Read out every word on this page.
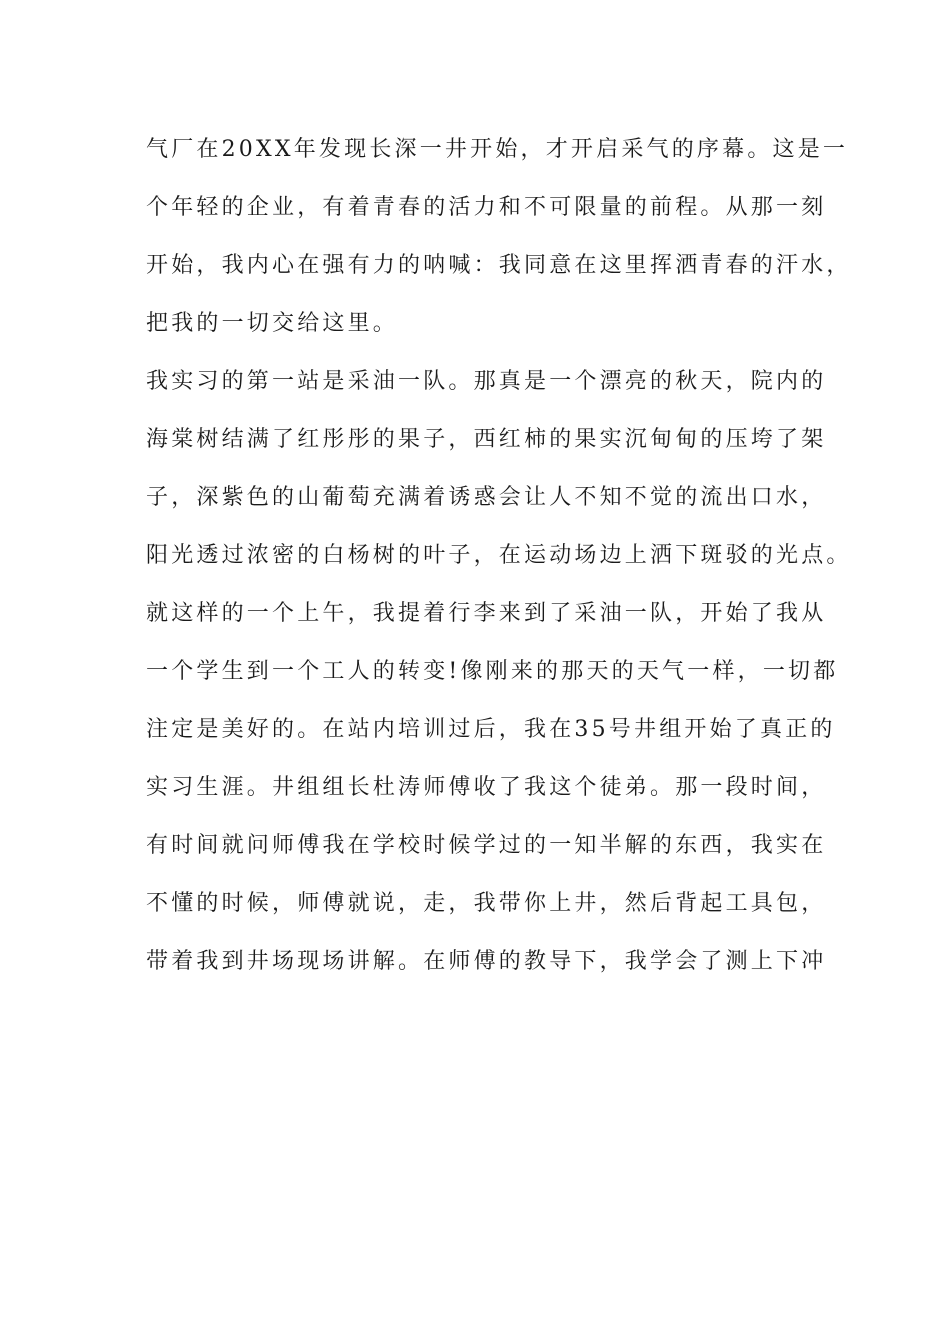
气厂在20XX年发现长深一井开始，才开启采气的序幕。这是一
个年轻的企业，有着青春的活力和不可限量的前程。从那一刻
开始，我内心在强有力的呐喊：我同意在这里挥洒青春的汗水，
把我的一切交给这里。
我实习的第一站是采油一队。那真是一个漂亮的秋天，院内的
海棠树结满了红彤彤的果子，西红柿的果实沉甸甸的压垮了架
子，深紫色的山葡萄充满着诱惑会让人不知不觉的流出口水，
阳光透过浓密的白杨树的叶子，在运动场边上洒下斑驳的光点。
就这样的一个上午，我提着行李来到了采油一队，开始了我从
一个学生到一个工人的转变!像刚来的那天的天气一样，一切都
注定是美好的。在站内培训过后，我在35号井组开始了真正的
实习生涯。井组组长杜涛师傅收了我这个徒弟。那一段时间，
有时间就问师傅我在学校时候学过的一知半解的东西，我实在
不懂的时候，师傅就说，走，我带你上井，然后背起工具包，
带着我到井场现场讲解。在师傅的教导下，我学会了测上下冲
